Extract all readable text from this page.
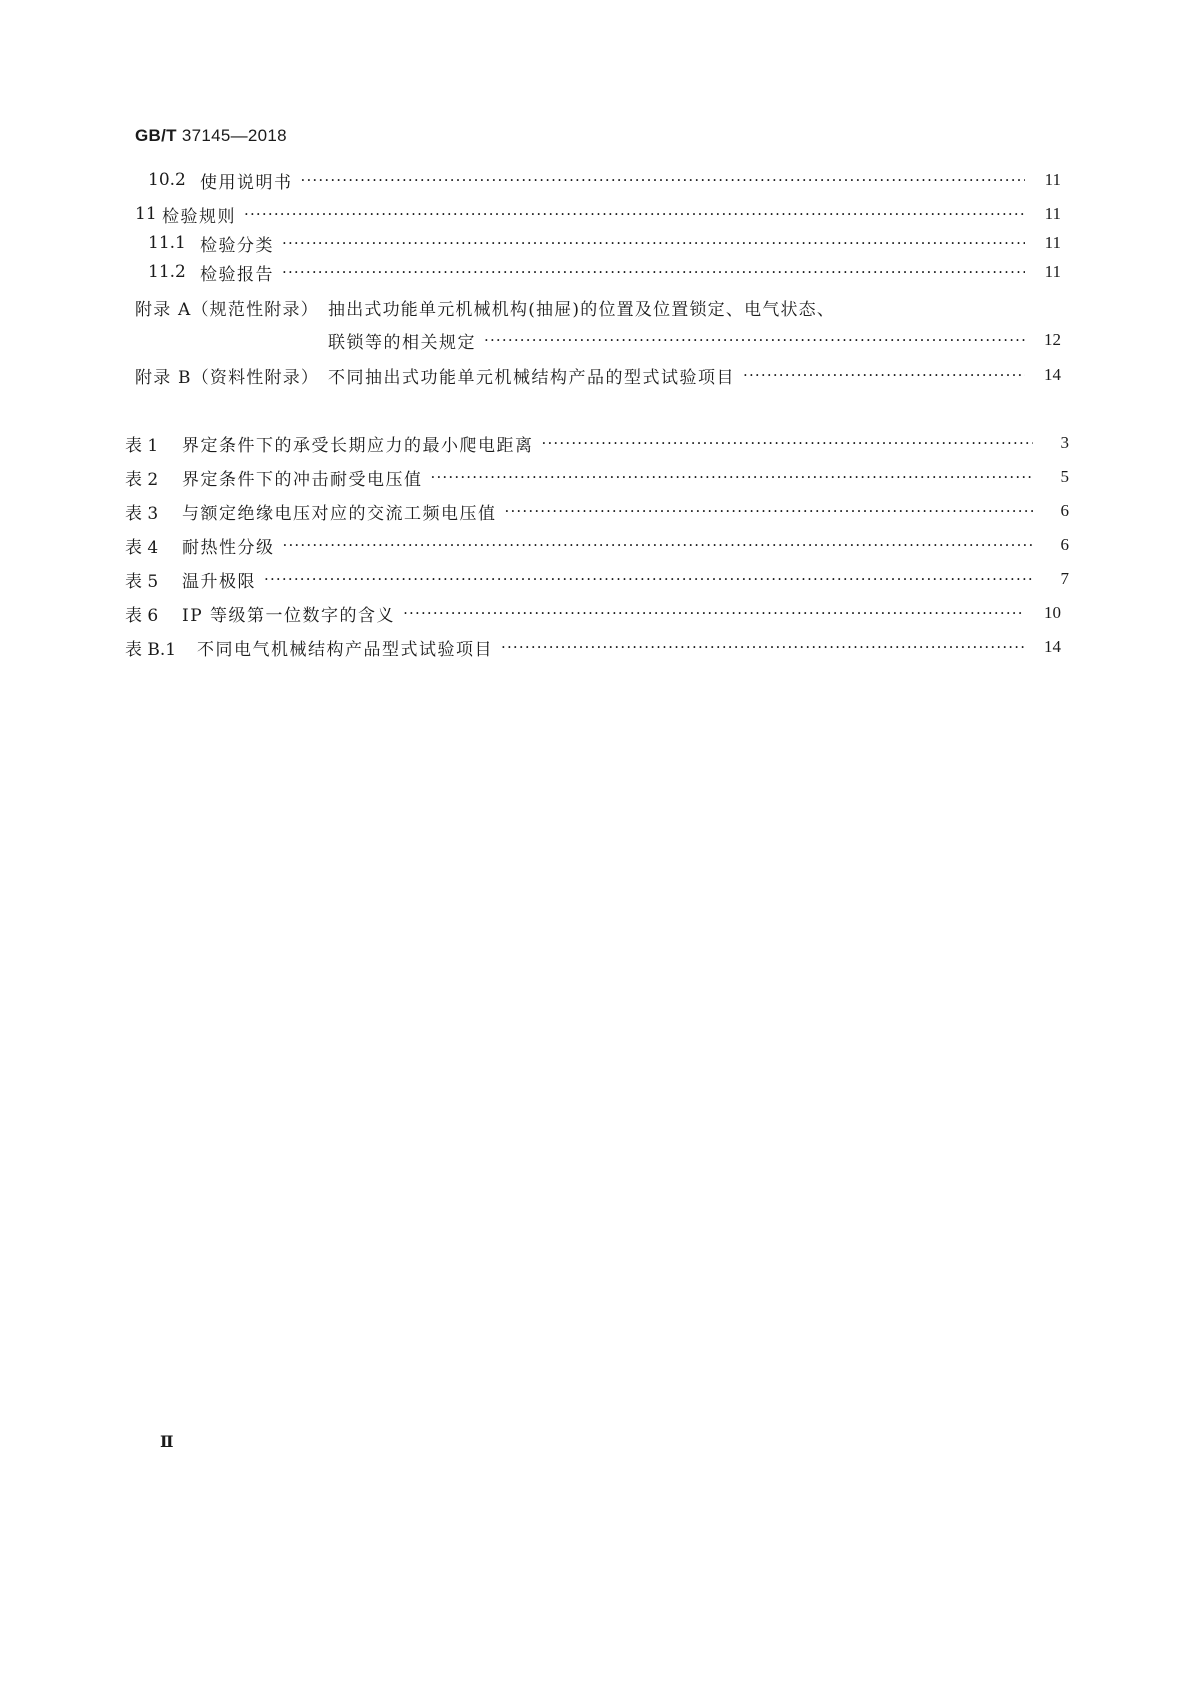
GB/T 37145—2018
10.2 使用说明书 ·····	11
11 检验规则 ·····	11
11.1 检验分类 ·····	11
11.2 检验报告 ·····	11
附录 A（规范性附录） 抽出式功能单元机械机构(抽屉)的位置及位置锁定、电气状态、
联锁等的相关规定 ·····	12
附录 B（资料性附录） 不同抽出式功能单元机械结构产品的型式试验项目 ·····	14
表 1	界定条件下的承受长期应力的最小爬电距离 ·····	3
表 2	界定条件下的冲击耐受电压值 ·····	5
表 3	与额定绝缘电压对应的交流工频电压值 ·····	6
表 4	耐热性分级 ·····	6
表 5	温升极限 ·····	7
表 6	IP 等级第一位数字的含义 ·····	10
表 B.1	不同电气机械结构产品型式试验项目 ·····	14
Ⅱ
